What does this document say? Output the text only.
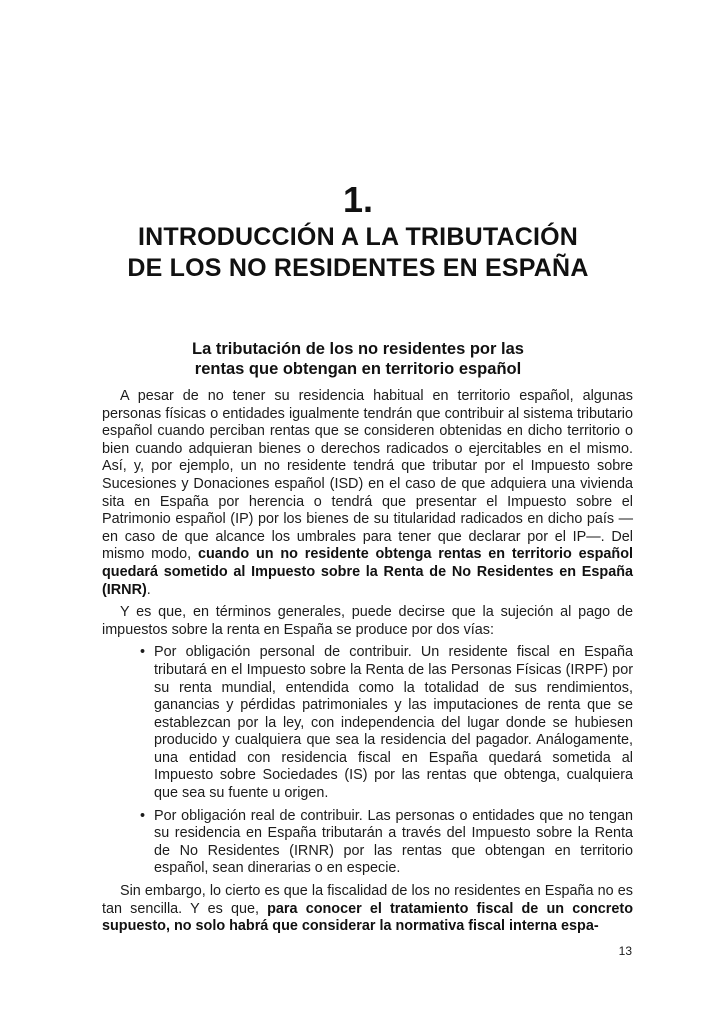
1.
INTRODUCCIÓN A LA TRIBUTACIÓN
DE LOS NO RESIDENTES EN ESPAÑA
La tributación de los no residentes por las
rentas que obtengan en territorio español

A pesar de no tener su residencia habitual en territorio español, algunas personas físicas o entidades igualmente tendrán que contribuir al sistema tributario español cuando perciban rentas que se consideren obtenidas en dicho territorio o bien cuando adquieran bienes o derechos radicados o ejercitables en el mismo. Así, y, por ejemplo, un no residente tendrá que tributar por el Impuesto sobre Sucesiones y Donaciones español (ISD) en el caso de que adquiera una vivienda sita en España por herencia o tendrá que presentar el Impuesto sobre el Patrimonio español (IP) por los bienes de su titularidad radicados en dicho país —en caso de que alcance los umbrales para tener que declarar por el IP—. Del mismo modo, cuando un no residente obtenga rentas en territorio español quedará sometido al Impuesto sobre la Renta de No Residentes en España (IRNR).

Y es que, en términos generales, puede decirse que la sujeción al pago de impuestos sobre la renta en España se produce por dos vías:

• Por obligación personal de contribuir. Un residente fiscal en España tributará en el Impuesto sobre la Renta de las Personas Físicas (IRPF) por su renta mundial, entendida como la totalidad de sus rendimientos, ganancias y pérdidas patrimoniales y las imputaciones de renta que se establezcan por la ley, con independencia del lugar donde se hubiesen producido y cualquiera que sea la residencia del pagador. Análogamente, una entidad con residencia fiscal en España quedará sometida al Impuesto sobre Sociedades (IS) por las rentas que obtenga, cualquiera que sea su fuente u origen.
• Por obligación real de contribuir. Las personas o entidades que no tengan su residencia en España tributarán a través del Impuesto sobre la Renta de No Residentes (IRNR) por las rentas que obtengan en territorio español, sean dinerarias o en especie.

Sin embargo, lo cierto es que la fiscalidad de los no residentes en España no es tan sencilla. Y es que, para conocer el tratamiento fiscal de un concreto supuesto, no solo habrá que considerar la normativa fiscal interna espa-

13
